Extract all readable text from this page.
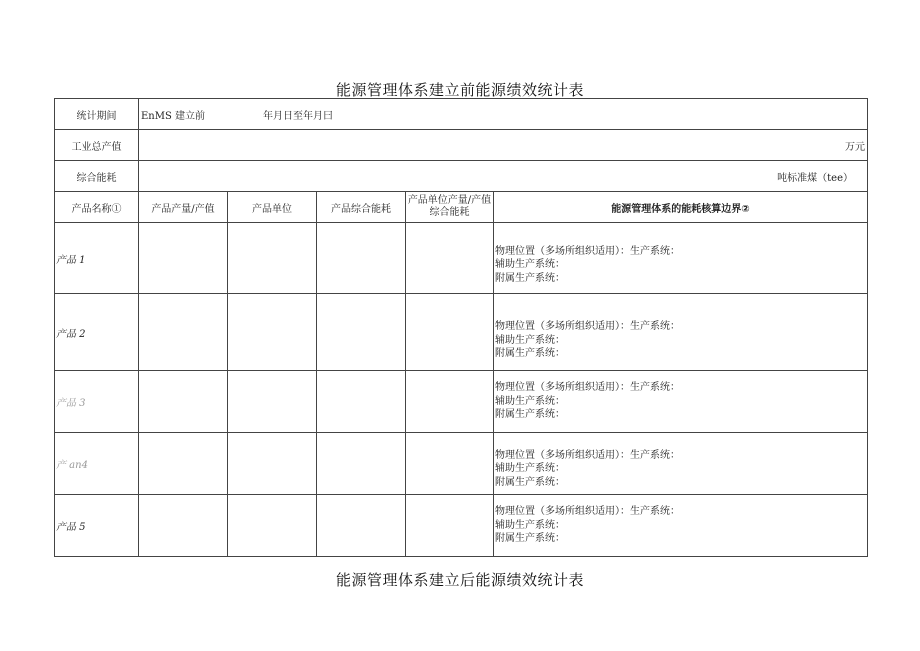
能源管理体系建立前能源绩效统计表
统计期间	EnMS 建立前 年月日至年月曰				
工业总产值	万元				
综合能耗	吨标准煤（tee）				
产品名称①	产品产量/产值	产品单位	产品综合能耗	产品单位产量/产值综合能耗	能源管理体系的能耗核算边界②
产品 1					物理位置（多场所组织适用）：生产系统：
辅助生产系统：
附属生产系统：

产品 2					物理位置（多场所组织适用）：生产系统：
辅助生产系统：
附属生产系统：

产品 3					物理位置（多场所组织适用）：生产系统：
辅助生产系统：
附属生产系统：

产 an4					物理位置（多场所组织适用）：生产系统：
辅助生产系统：
附属生产系统：

产品 5					物理位置（多场所组织适用）：生产系统：
辅助生产系统：
附属生产系统：
能源管理体系建立后能源绩效统计表
